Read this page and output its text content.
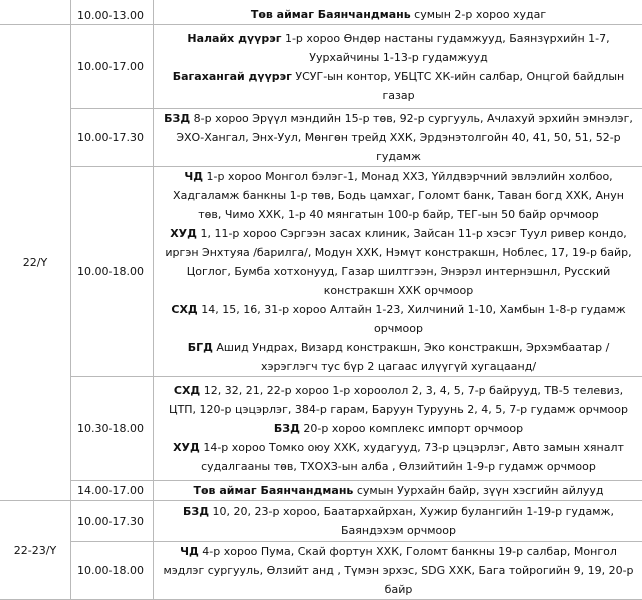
	10.00-13.00	Төв аймаг Баянчандмань сумын 2-р хороо худаг

22/Y	10.00-17.00	Налайх дүүрэг 1-р хороо Өндөр настаны гудамжууд, Баянзүрхийн 1-7, Уурхайчины 1-13-р гудамжууд
Багахангай дүүрэг УСУГ-ын контор, УБЦТС ХК-ийн салбар, Онцгой байдлын газар

	10.00-17.30	БЗД 8-р хороо Эрүүл мэндийн 15-р төв, 92-р сургууль, Ачлахуй эрхийн эмнэлэг, ЭХО-Хангал, Энх-Уул, Мөнгөн трейд ХХК, Эрдэнэтолгойн 40, 41, 50, 51, 52-р гудамж

	10.00-18.00	ЧД 1-р хороо Монгол бэлэг-1, Монад ХХЗ, Үйлдвэрчний эвлэлийн холбоо, Хадгаламж банкны 1-р төв, Бодь цамхаг, Голомт банк, Таван богд ХХК, Анун төв, Чимо ХХК, 1-р 40 мянгатын 100-р байр, ТЕГ-ын 50 байр орчмоор
ХУД 1, 11-р хороо Сэргээн засах клиник, Зайсан 11-р хэсэг Туул ривер кондо, иргэн Энхтуяа /барилга/, Модун ХХК, Нэмүт констракшн, Ноблес, 17, 19-р байр, Цоглог, Бумба хотхонууд, Газар шилтгээн, Энэрэл интернэшнл, Русский констракшн ХХК орчмоор
СХД 14, 15, 16, 31-р хороо Алтайн 1-23, Хилчиний 1-10, Хамбын 1-8-р гудамж орчмоор
БГД Ашид Ундрах, Визард констракшн, Эко констракшн, Эрхэмбаатар /хэрэглэгч тус бүр 2 цагаас илүүгүй хугацаанд/

	10.30-18.00	СХД 12, 32, 21, 22-р хороо 1-р хороолол 2, 3, 4, 5, 7-р байрууд, ТВ-5 телевиз, ЦТП, 120-р цэцэрлэг, 384-р гарам, Баруун Туруунь 2, 4, 5, 7-р гудамж орчмоор
БЗД 20-р хороо комплекс импорт орчмоор
ХУД 14-р хороо Томко оюу ХХК, худагууд, 73-р цэцэрлэг, Авто замын хяналт судалгааны төв, ТХОХЗ-ын алба , Өлзийтийн 1-9-р гудамж орчмоор

	14.00-17.00	Төв аймаг Баянчандмань сумын Уурхайн байр, зүүн хэсгийн айлууд

22-23/Y	10.00-17.30	БЗД 10, 20, 23-р хороо, Баатархайрхан, Хужир булангийн 1-19-р гудамж, Баяндэхэм орчмоор

	10.00-18.00	ЧД 4-р хороо Пума, Скай фортун ХХК, Голомт банкны 19-р салбар, Монгол мэдлэг сургууль, Өлзийт анд , Түмэн эрхэс, SDG ХХК, Бага тойрогийн 9, 19, 20-р байр
